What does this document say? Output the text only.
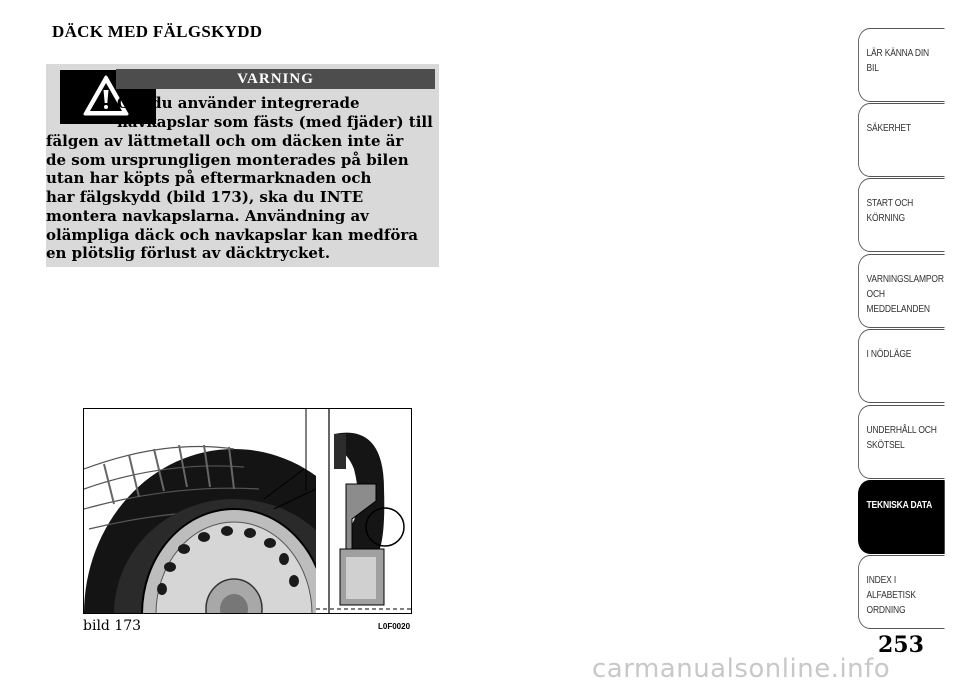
DÄCK MED FÄLGSKYDD
VARNING
Om du använder integrerade
navkapslar som fästs (med fjäder) till
fälgen av lättmetall och om däcken inte är
de som ursprungligen monterades på bilen
utan har köpts på eftermarknaden och
har fälgskydd (bild 173), ska du INTE
montera navkapslarna. Användning av
olämpliga däck och navkapslar kan medföra
en plötslig förlust av däcktrycket.
bild 173	L0F0020
LÄR KÄNNA DIN
BIL
SÄKERHET
START OCH
KÖRNING
VARNINGSLAMPOR
OCH
MEDDELANDEN
I NÖDLÄGE
UNDERHÅLL OCH
SKÖTSEL
TEKNISKA DATA
INDEX I
ALFABETISK
ORDNING
253
carmanualsonline.info
